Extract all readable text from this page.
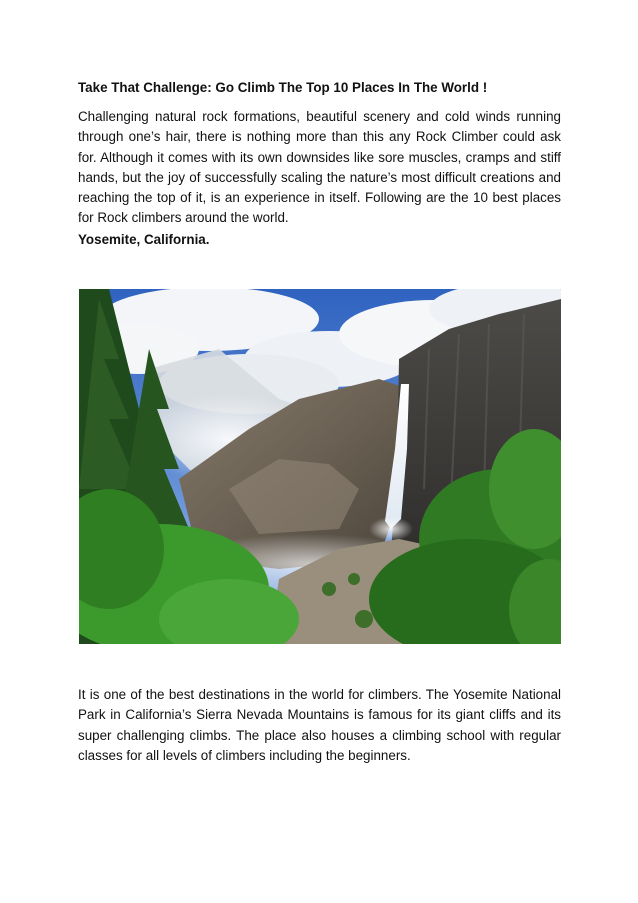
Take That Challenge: Go Climb The Top 10 Places In The World !

Challenging natural rock formations, beautiful scenery and cold winds running through one’s hair, there is nothing more than this any Rock Climber could ask for. Although it comes with its own downsides like sore muscles, cramps and stiff hands, but the joy of successfully scaling the nature’s most difficult creations and reaching the top of it, is an experience in itself. Following are the 10 best places for Rock climbers around the world.

Yosemite, California.

It is one of the best destinations in the world for climbers. The Yosemite National Park in California’s Sierra Nevada Mountains is famous for its giant cliffs and its super challenging climbs. The place also houses a climbing school with regular classes for all levels of climbers including the beginners.
